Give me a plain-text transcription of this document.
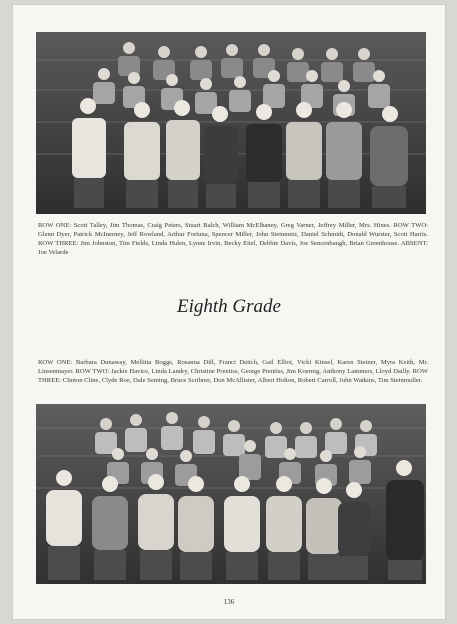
ROW ONE: Scott Talley, Jim Thomas, Craig Peters, Stuart Balch, William McElhaney, Greg Varner, Jeffrey Miller, Mrs. Hines. ROW TWO: Glenn Dyer, Patrick McInerney, Jeff Rowland, Arthur Fortuna, Spencer Miller, John Steinmetz, Daniel Schmidt, Donald Wurster, Scott Harris. ROW THREE: Jim Johnston, Tim Fields, Linda Hulen, Lynne Irvin, Becky Eitel, Debbie Davis, Joe Sencenbaugh, Brian Greenhouse. ABSENT: Joe Velarde

Eighth Grade

ROW ONE: Barbara Dunaway, Mellitta Boggs, Rosanna Dill, Franci Deitch, Gail Elliot, Vicki Kinsel, Karen Steiner, Myra Keith, Mr. Linsenmayer. ROW TWO: Jackie Havice, Linda Landry, Christine Prentiss, George Prentiss, Jim Koernig, Anthony Lammers, Lloyd Dailly. ROW THREE: Clinton Cline, Clyde Roe, Dale Seming, Bruce Scribner, Don McAllister, Albert Holton, Robert Carroll, John Watkins, Tim Steinmuller.

136
